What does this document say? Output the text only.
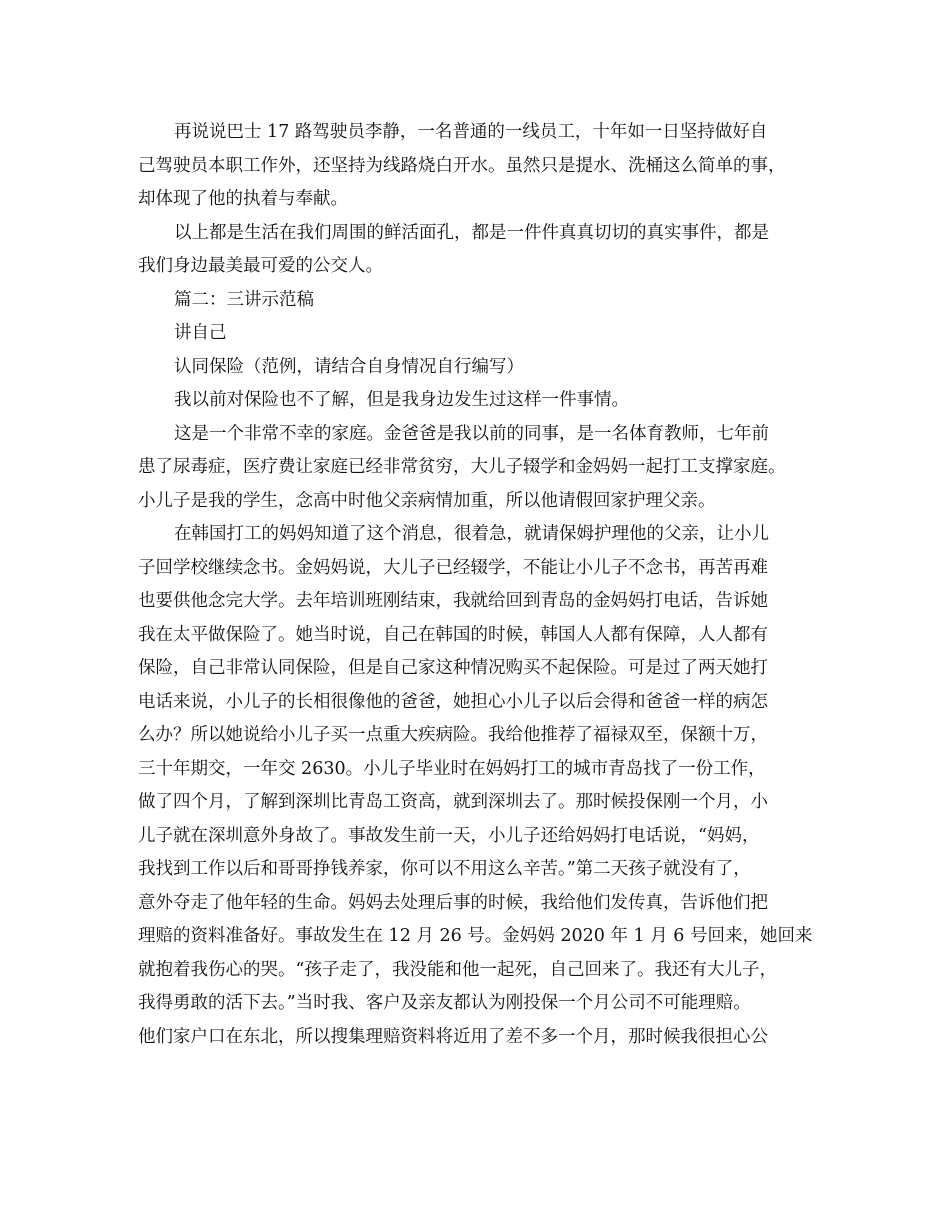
再说说巴士 17 路驾驶员李静，一名普通的一线员工，十年如一日坚持做好自
己驾驶员本职工作外，还坚持为线路烧白开水。虽然只是提水、洗桶这么简单的事，
却体现了他的执着与奉献。
以上都是生活在我们周围的鲜活面孔，都是一件件真真切切的真实事件，都是
我们身边最美最可爱的公交人。
篇二：三讲示范稿
讲自己
认同保险（范例，请结合自身情况自行编写）
我以前对保险也不了解，但是我身边发生过这样一件事情。
这是一个非常不幸的家庭。金爸爸是我以前的同事，是一名体育教师，七年前
患了尿毒症，医疗费让家庭已经非常贫穷，大儿子辍学和金妈妈一起打工支撑家庭。
小儿子是我的学生，念高中时他父亲病情加重，所以他请假回家护理父亲。
在韩国打工的妈妈知道了这个消息，很着急，就请保姆护理他的父亲，让小儿
子回学校继续念书。金妈妈说，大儿子已经辍学，不能让小儿子不念书，再苦再难
也要供他念完大学。去年培训班刚结束，我就给回到青岛的金妈妈打电话，告诉她
我在太平做保险了。她当时说，自己在韩国的时候，韩国人人都有保障，人人都有
保险，自己非常认同保险，但是自己家这种情况购买不起保险。可是过了两天她打
电话来说，小儿子的长相很像他的爸爸，她担心小儿子以后会得和爸爸一样的病怎
么办？所以她说给小儿子买一点重大疾病险。我给他推荐了福禄双至，保额十万，
三十年期交，一年交 2630。小儿子毕业时在妈妈打工的城市青岛找了一份工作，
做了四个月，了解到深圳比青岛工资高，就到深圳去了。那时候投保刚一个月，小
儿子就在深圳意外身故了。事故发生前一天，小儿子还给妈妈打电话说，“妈妈，
我找到工作以后和哥哥挣钱养家，你可以不用这么辛苦。”第二天孩子就没有了，
意外夺走了他年轻的生命。妈妈去处理后事的时候，我给他们发传真，告诉他们把
理赔的资料准备好。事故发生在 12 月 26 号。金妈妈 2020 年 1 月 6 号回来，她回来
就抱着我伤心的哭。“孩子走了，我没能和他一起死，自己回来了。我还有大儿子，
我得勇敢的活下去。”当时我、客户及亲友都认为刚投保一个月公司不可能理赔。
他们家户口在东北，所以搜集理赔资料将近用了差不多一个月，那时候我很担心公
